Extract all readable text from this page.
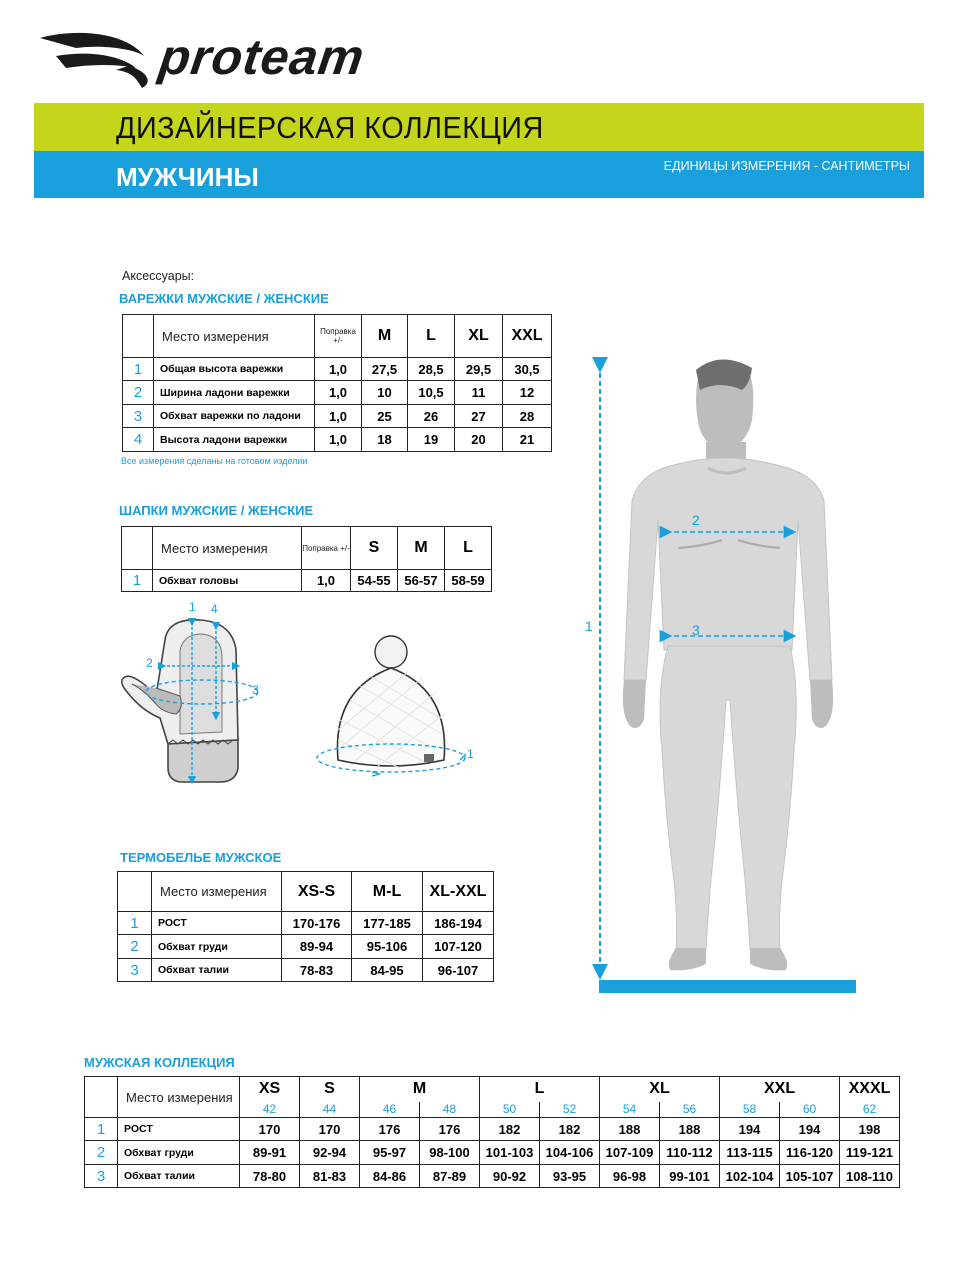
proteam
ДИЗАЙНЕРСКАЯ КОЛЛЕКЦИЯ
МУЖЧИНЫ	ЕДИНИЦЫ ИЗМЕРЕНИЯ - САНТИМЕТРЫ
Аксессуары:
ВАРЕЖКИ МУЖСКИЕ / ЖЕНСКИЕ
	Место измерения	Поправка +/-	M	L	XL	XXL
1	Общая высота варежки	1,0	27,5	28,5	29,5	30,5
2	Ширина ладони варежки	1,0	10	10,5	11	12
3	Обхват варежки по ладони	1,0	25	26	27	28
4	Высота ладони варежки	1,0	18	19	20	21
Все измерения сделаны на готовом изделии
ШАПКИ МУЖСКИЕ / ЖЕНСКИЕ
	Место измерения	Поправка +/-	S	M	L
1	Обхват головы	1,0	54-55	56-57	58-59
1 4
2
3
1
ТЕРМОБЕЛЬЕ МУЖСКОЕ
	Место измерения	XS-S	M-L	XL-XXL
1	РОСТ	170-176	177-185	186-194
2	Обхват груди	89-94	95-106	107-120
3	Обхват талии	78-83	84-95	96-107
1
2
3
МУЖСКАЯ КОЛЛЕКЦИЯ
	Место измерения	XS	S	M		L		XL		XXL		XXXL
		42	44	46	48	50	52	54	56	58	60	62
1	РОСТ	170	170	176	176	182	182	188	188	194	194	198
2	Обхват груди	89-91	92-94	95-97	98-100	101-103	104-106	107-109	110-112	113-115	116-120	119-121
3	Обхват талии	78-80	81-83	84-86	87-89	90-92	93-95	96-98	99-101	102-104	105-107	108-110
